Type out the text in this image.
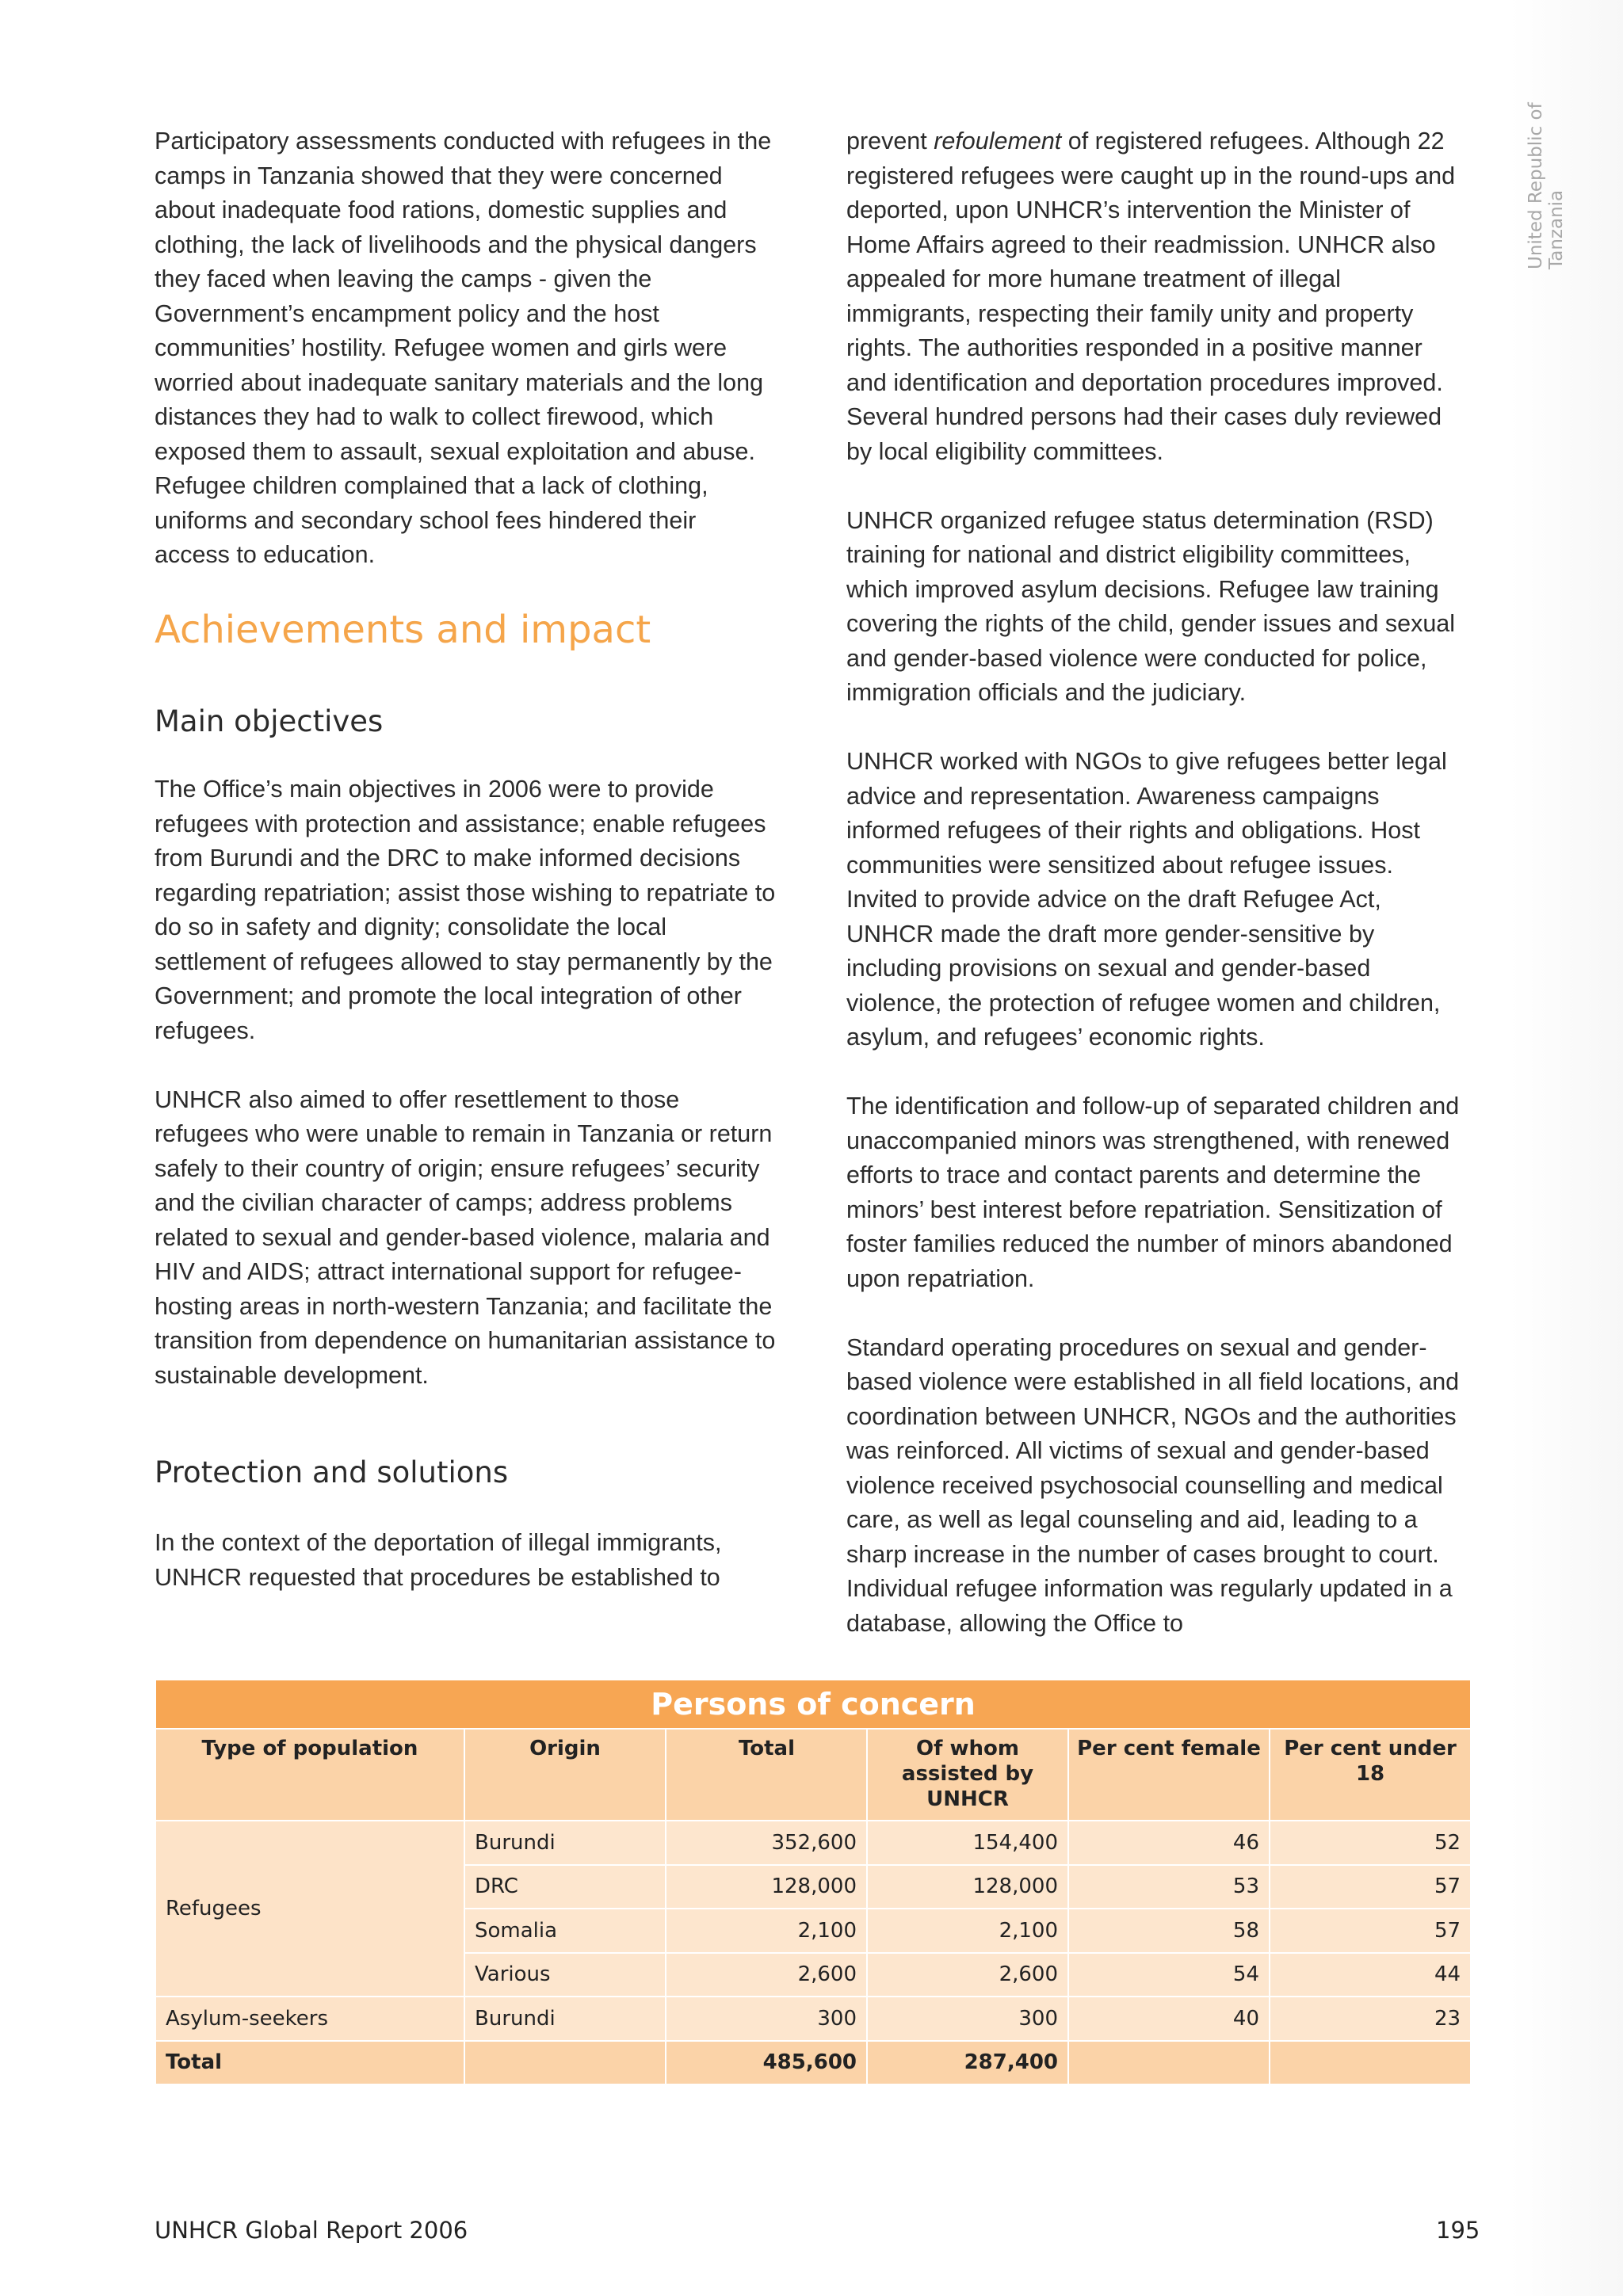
United Republic of Tanzania

Participatory assessments conducted with refugees in the camps in Tanzania showed that they were concerned about inadequate food rations, domestic supplies and clothing, the lack of livelihoods and the physical dangers they faced when leaving the camps - given the Government’s encampment policy and the host communities’ hostility. Refugee women and girls were worried about inadequate sanitary materials and the long distances they had to walk to collect firewood, which exposed them to assault, sexual exploitation and abuse. Refugee children complained that a lack of clothing, uniforms and secondary school fees hindered their access to education.

Achievements and impact
Main objectives

The Office’s main objectives in 2006 were to provide refugees with protection and assistance; enable refugees from Burundi and the DRC to make informed decisions regarding repatriation; assist those wishing to repatriate to do so in safety and dignity; consolidate the local settlement of refugees allowed to stay permanently by the Government; and promote the local integration of other refugees.

UNHCR also aimed to offer resettlement to those refugees who were unable to remain in Tanzania or return safely to their country of origin; ensure refugees’ security and the civilian character of camps; address problems related to sexual and gender-based violence, malaria and HIV and AIDS; attract international support for refugee-hosting areas in north-western Tanzania; and facilitate the transition from dependence on humanitarian assistance to sustainable development.

Protection and solutions

In the context of the deportation of illegal immigrants, UNHCR requested that procedures be established to

prevent refoulement of registered refugees. Although 22 registered refugees were caught up in the round-ups and deported, upon UNHCR’s intervention the Minister of Home Affairs agreed to their readmission. UNHCR also appealed for more humane treatment of illegal immigrants, respecting their family unity and property rights. The authorities responded in a positive manner and identification and deportation procedures improved. Several hundred persons had their cases duly reviewed by local eligibility committees.

UNHCR organized refugee status determination (RSD) training for national and district eligibility committees, which improved asylum decisions. Refugee law training covering the rights of the child, gender issues and sexual and gender-based violence were conducted for police, immigration officials and the judiciary.

UNHCR worked with NGOs to give refugees better legal advice and representation. Awareness campaigns informed refugees of their rights and obligations. Host communities were sensitized about refugee issues. Invited to provide advice on the draft Refugee Act, UNHCR made the draft more gender-sensitive by including provisions on sexual and gender-based violence, the protection of refugee women and children, asylum, and refugees’ economic rights.

The identification and follow-up of separated children and unaccompanied minors was strengthened, with renewed efforts to trace and contact parents and determine the minors’ best interest before repatriation. Sensitization of foster families reduced the number of minors abandoned upon repatriation.

Standard operating procedures on sexual and gender-based violence were established in all field locations, and coordination between UNHCR, NGOs and the authorities was reinforced. All victims of sexual and gender-based violence received psychosocial counselling and medical care, as well as legal counseling and aid, leading to a sharp increase in the number of cases brought to court. Individual refugee information was regularly updated in a database, allowing the Office to

Persons of concern					
Type of population	Origin	Total	Of whom assisted by UNHCR	Per cent female	Per cent under 18
Refugees	Burundi	352,600	154,400	46	52
	DRC	128,000	128,000	53	57
	Somalia	2,100	2,100	58	57
	Various	2,600	2,600	54	44
Asylum-seekers	Burundi	300	300	40	23
Total		485,600	287,400		
UNHCR Global Report 2006	195
